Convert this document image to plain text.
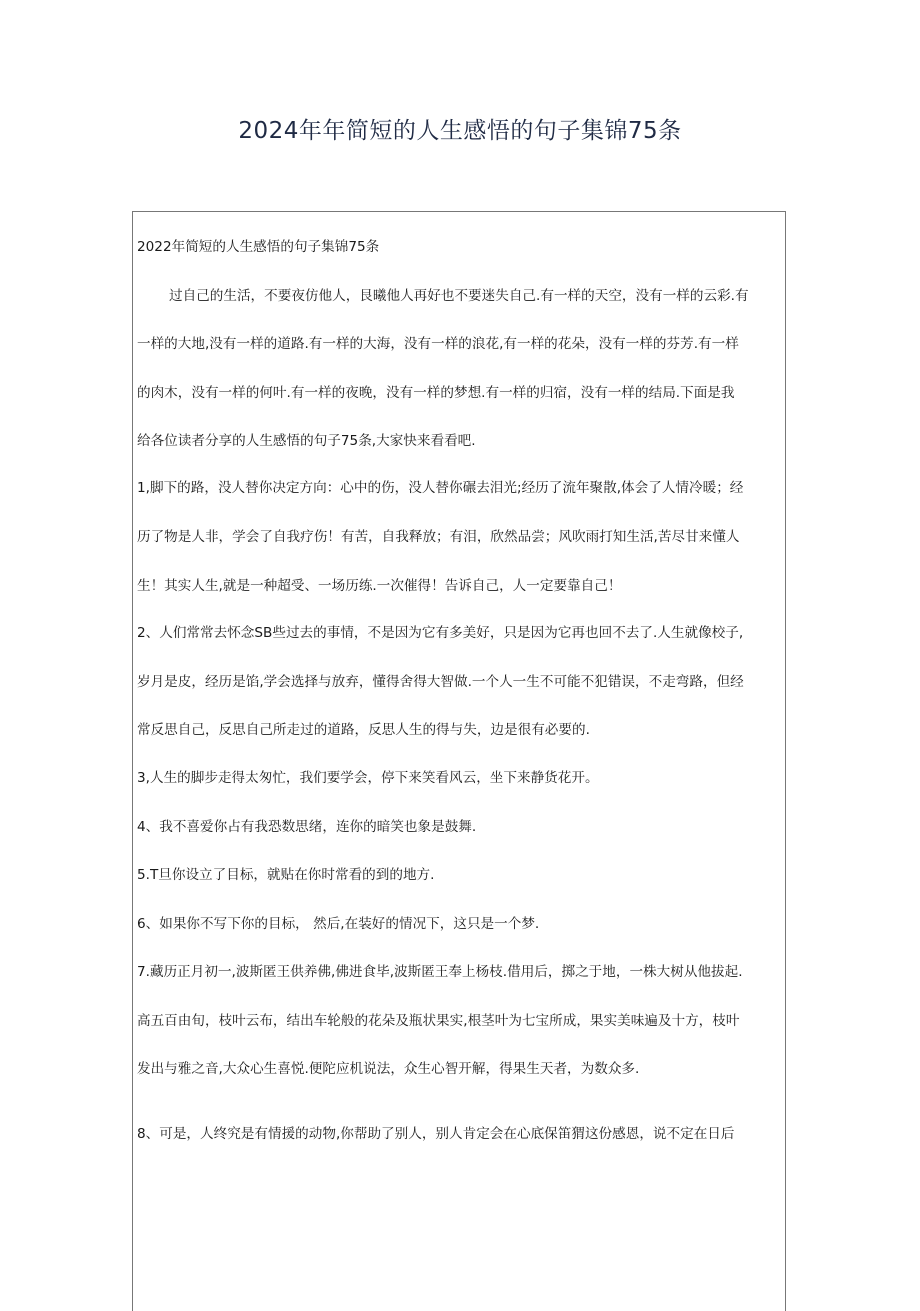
2024年年简短的人生感悟的句子集锦75条
2022年简短的人生感悟的句子集锦75条
过自己的生活，不要夜仿他人，艮曦他人再好也不要迷失自己.有一样的天空，没有一样的云彩.有
一样的大地,没有一样的道路.有一样的大海，没有一样的浪花,有一样的花朵，没有一样的芬芳.有一样
的肉木，没有一样的何叶.有一样的夜晚，没有一样的梦想.有一样的归宿，没有一样的结局.下面是我
给各位读者分享的人生感悟的句子75条,大家快来看看吧.
1,脚下的路，没人替你决定方向：心中的伤，没人替你碾去泪光;经历了流年聚散,体会了人情冷暖；经
历了物是人非，学会了自我疗伤！有苦，自我释放；有泪，欣然品尝；风吹雨打知生活,苦尽甘来懂人
生！其实人生,就是一种超受、一场历练.一次催得！告诉自己，人一定要靠自己！
2、人们常常去怀念SB些过去的事情，不是因为它有多美好，只是因为它再也回不去了.人生就像校子,
岁月是皮，经历是馅,学会选择与放弃，懂得舍得大智做.一个人一生不可能不犯错误，不走弯路，但经
常反思自己，反思自己所走过的道路，反思人生的得与失，边是很有必要的.
3,人生的脚步走得太匆忙，我们要学会，停下来笑看风云，坐下来静货花开。
4、我不喜爱你占有我恐数思绪，连你的暗笑也象是鼓舞.
5.T旦你设立了目标，就贴在你时常看的到的地方.
6、如果你不写下你的目标， 然后,在装好的情况下，这只是一个梦.
7.藏历正月初一,波斯匿王供养佛,佛进食毕,波斯匿王奉上杨枝.借用后，掷之于地，一株大树从他拔起.
高五百由旬，枝叶云布，结出车轮般的花朵及瓶状果实,根茎叶为七宝所成，果实美味遍及十方，枝叶
发出与雅之音,大众心生喜悦.便陀应机说法，众生心智开解，得果生天者，为数众多.
8、可是，人终究是有情援的动物,你帮助了别人，别人肯定会在心底保笛猬这份感恩，说不定在日后
